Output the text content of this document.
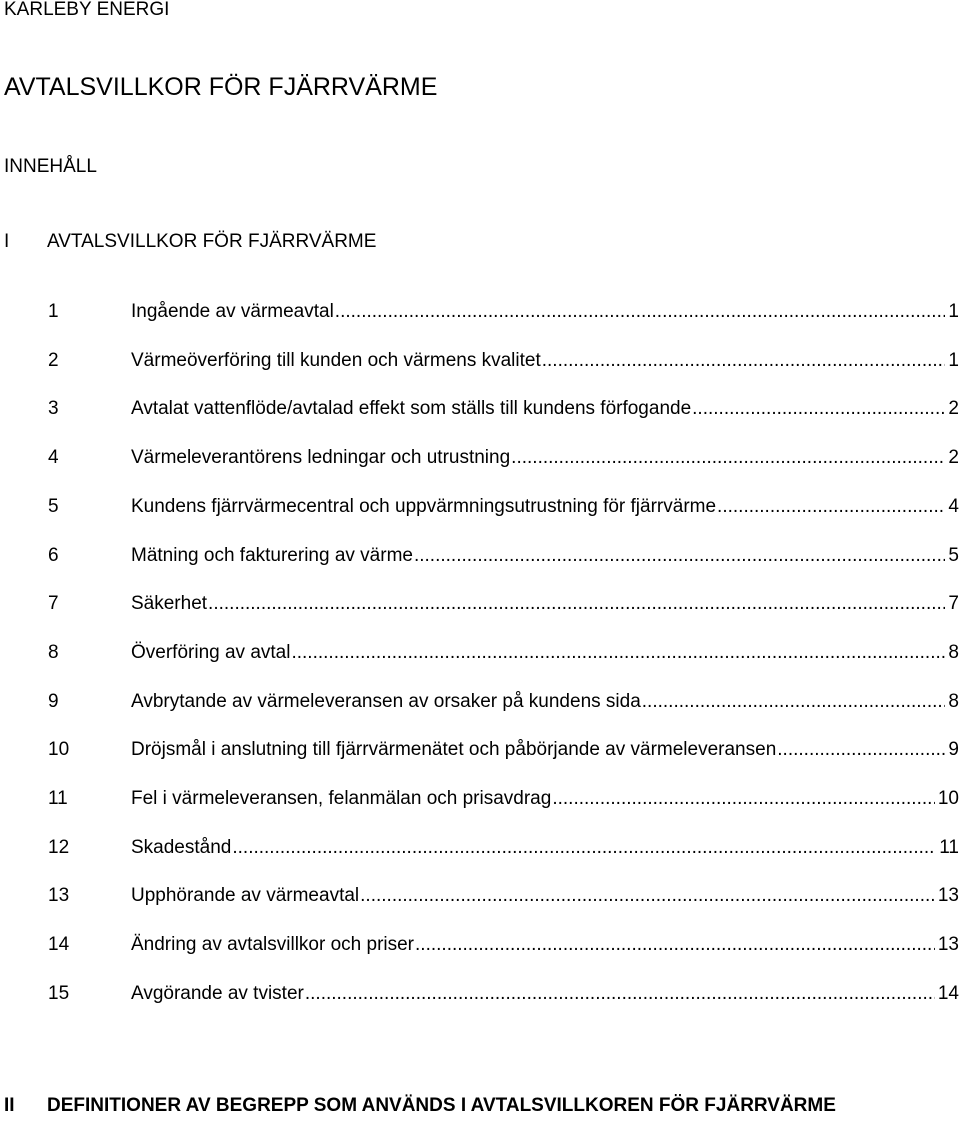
KARLEBY ENERGI
AVTALSVILLKOR FÖR FJÄRRVÄRME
INNEHÅLL
I AVTALSVILLKOR FÖR FJÄRRVÄRME
1	Ingående av värmeavtal .....	1
2	Värmeöverföring till kunden och värmens kvalitet .....	1
3	Avtalat vattenflöde/avtalad effekt som ställs till kundens förfogande .....	2
4	Värmeleverantörens ledningar och utrustning .....	2
5	Kundens fjärrvärmecentral och uppvärmningsutrustning för fjärrvärme .....	4
6	Mätning och fakturering av värme .....	5
7	Säkerhet .....	7
8	Överföring av avtal .....	8
9	Avbrytande av värmeleveransen av orsaker på kundens sida .....	8
10	Dröjsmål i anslutning till fjärrvärmenätet och påbörjande av värmeleveransen .....	9
11	Fel i värmeleveransen, felanmälan och prisavdrag .....	10
12	Skadestånd .....	11
13	Upphörande av värmeavtal .....	13
14	Ändring av avtalsvillkor och priser .....	13
15	Avgörande av tvister .....	14
II DEFINITIONER AV BEGREPP SOM ANVÄNDS I AVTALSVILLKOREN FÖR FJÄRRVÄRME
